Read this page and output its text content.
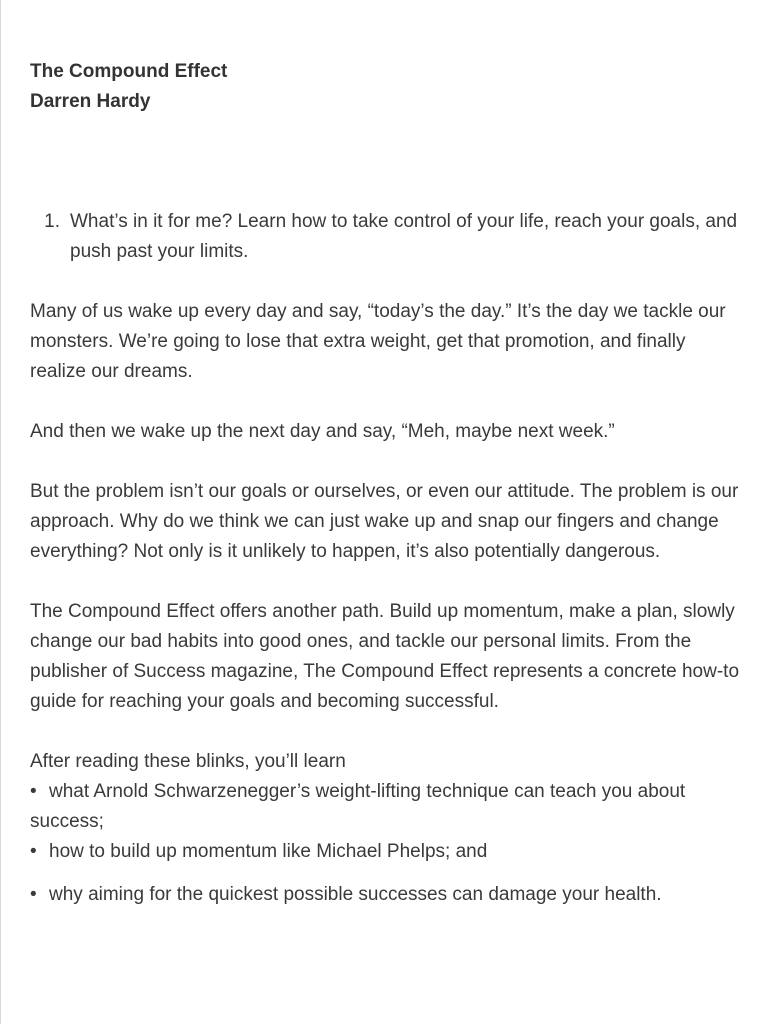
The Compound Effect
Darren Hardy
1. What’s in it for me? Learn how to take control of your life, reach your goals, and push past your limits.

Many of us wake up every day and say, “today’s the day.” It’s the day we tackle our monsters. We’re going to lose that extra weight, get that promotion, and finally realize our dreams.

And then we wake up the next day and say, “Meh, maybe next week.”

But the problem isn’t our goals or ourselves, or even our attitude. The problem is our approach. Why do we think we can just wake up and snap our fingers and change everything? Not only is it unlikely to happen, it’s also potentially dangerous.

The Compound Effect offers another path. Build up momentum, make a plan, slowly change our bad habits into good ones, and tackle our personal limits. From the publisher of Success magazine, The Compound Effect represents a concrete how-to guide for reaching your goals and becoming successful.

After reading these blinks, you’ll learn
• what Arnold Schwarzenegger’s weight-lifting technique can teach you about success;
• how to build up momentum like Michael Phelps; and
• why aiming for the quickest possible successes can damage your health.
